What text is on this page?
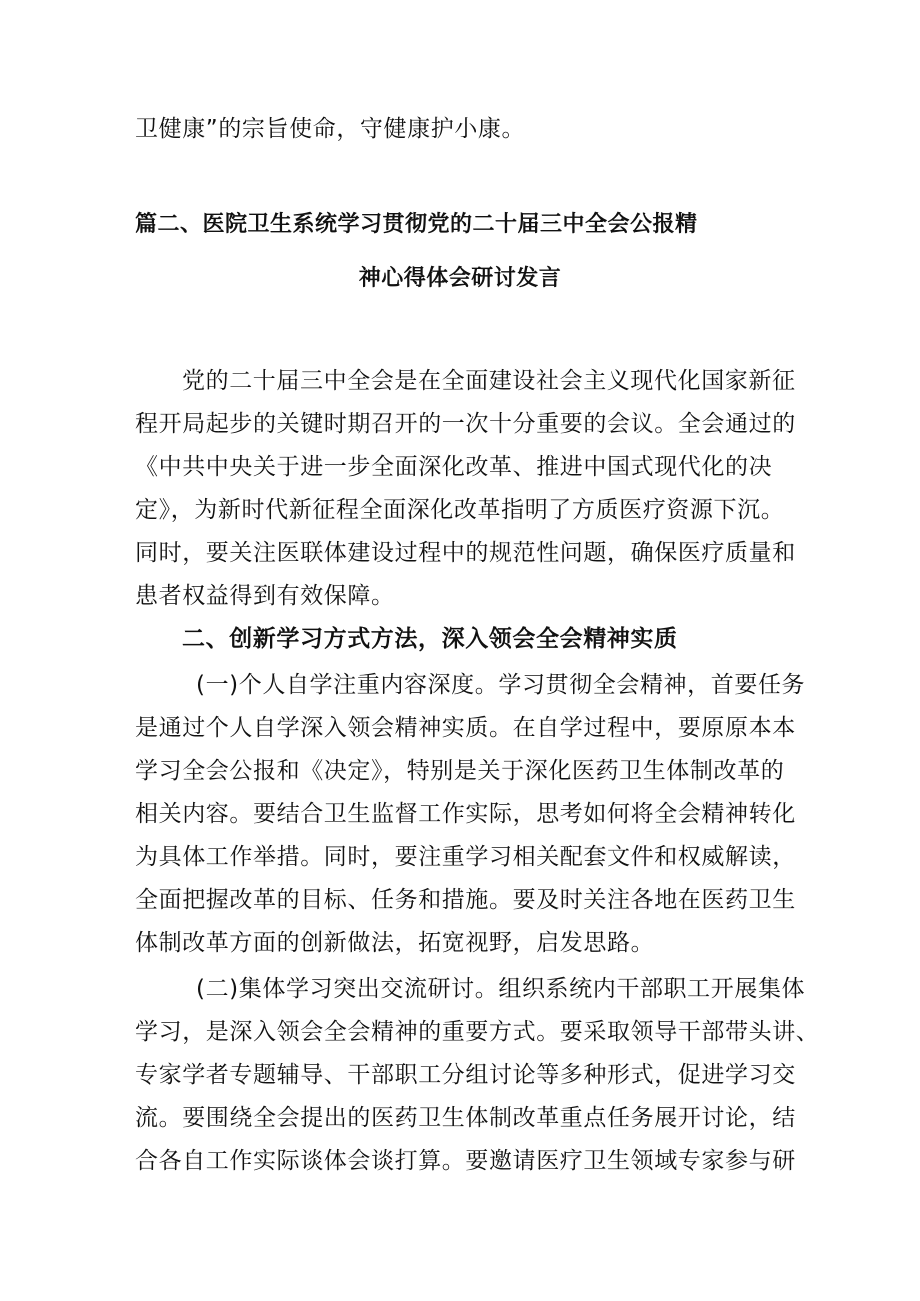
卫健康”的宗旨使命，守健康护小康。
篇二、医院卫生系统学习贯彻党的二十届三中全会公报精
神心得体会研讨发言
党的二十届三中全会是在全面建设社会主义现代化国家新征
程开局起步的关键时期召开的一次十分重要的会议。全会通过的
《中共中央关于进一步全面深化改革、推进中国式现代化的决
定》，为新时代新征程全面深化改革指明了方质医疗资源下沉。
同时，要关注医联体建设过程中的规范性问题，确保医疗质量和
患者权益得到有效保障。
二、创新学习方式方法，深入领会全会精神实质
(一)个人自学注重内容深度。学习贯彻全会精神，首要任务
是通过个人自学深入领会精神实质。在自学过程中，要原原本本
学习全会公报和《决定》，特别是关于深化医药卫生体制改革的
相关内容。要结合卫生监督工作实际，思考如何将全会精神转化
为具体工作举措。同时，要注重学习相关配套文件和权威解读，
全面把握改革的目标、任务和措施。要及时关注各地在医药卫生
体制改革方面的创新做法，拓宽视野，启发思路。
(二)集体学习突出交流研讨。组织系统内干部职工开展集体
学习，是深入领会全会精神的重要方式。要采取领导干部带头讲、
专家学者专题辅导、干部职工分组讨论等多种形式，促进学习交
流。要围绕全会提出的医药卫生体制改革重点任务展开讨论，结
合各自工作实际谈体会谈打算。要邀请医疗卫生领域专家参与研
